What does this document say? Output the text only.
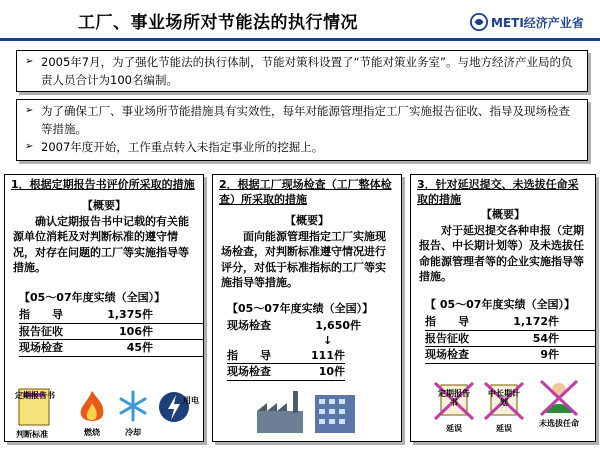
工厂、事业场所对节能法的执行情况	METI经济产业省
➢ 2005年7月，为了强化节能法的执行体制，节能对策科设置了“节能对策业务室”。与地方经济产业局的负责人员合计为100名编制。
➢ 为了确保工厂、事业场所节能措施具有实效性，每年对能源管理指定工厂实施报告征收、指导及现场检查等措施。
➢ 2007年度开始，工作重点转入未指定事业所的挖掘上。
1．根据定期报告书评价所采取的措施
【概要】
确认定期报告书中记载的有关能源单位消耗及对判断标准的遵守情况，对存在问题的工厂等实施指导等措施。
【05～07年度实绩（全国）】
指　　导	1,375件
报告征收	106件
现场检查	45件
定期报告书
判断标准	燃烧	冷却
用电
2．根据工厂现场检查（工厂整体检查）所采取的措施
【概要】
面向能源管理指定工厂实施现场检查，对判断标准遵守情况进行评分，对低于标准指标的工厂等实施指导等措施。
【05～07年度实绩（全国）】
现场检查	1,650件
↓
指　　导	111件
现场检查	10件
3．针对延迟提交、未选拔任命采取的措施
【概要】
对于延迟提交各种申报（定期报告、中长期计划等）及未选拔任命能源管理者等的企业实施指导等措施。
【 05～07年度实绩（全国）】
指　　导	1,172件
报告征收	54件
现场检查	9件
定期报告书
延误
中长期计划
延误
未选拔任命
